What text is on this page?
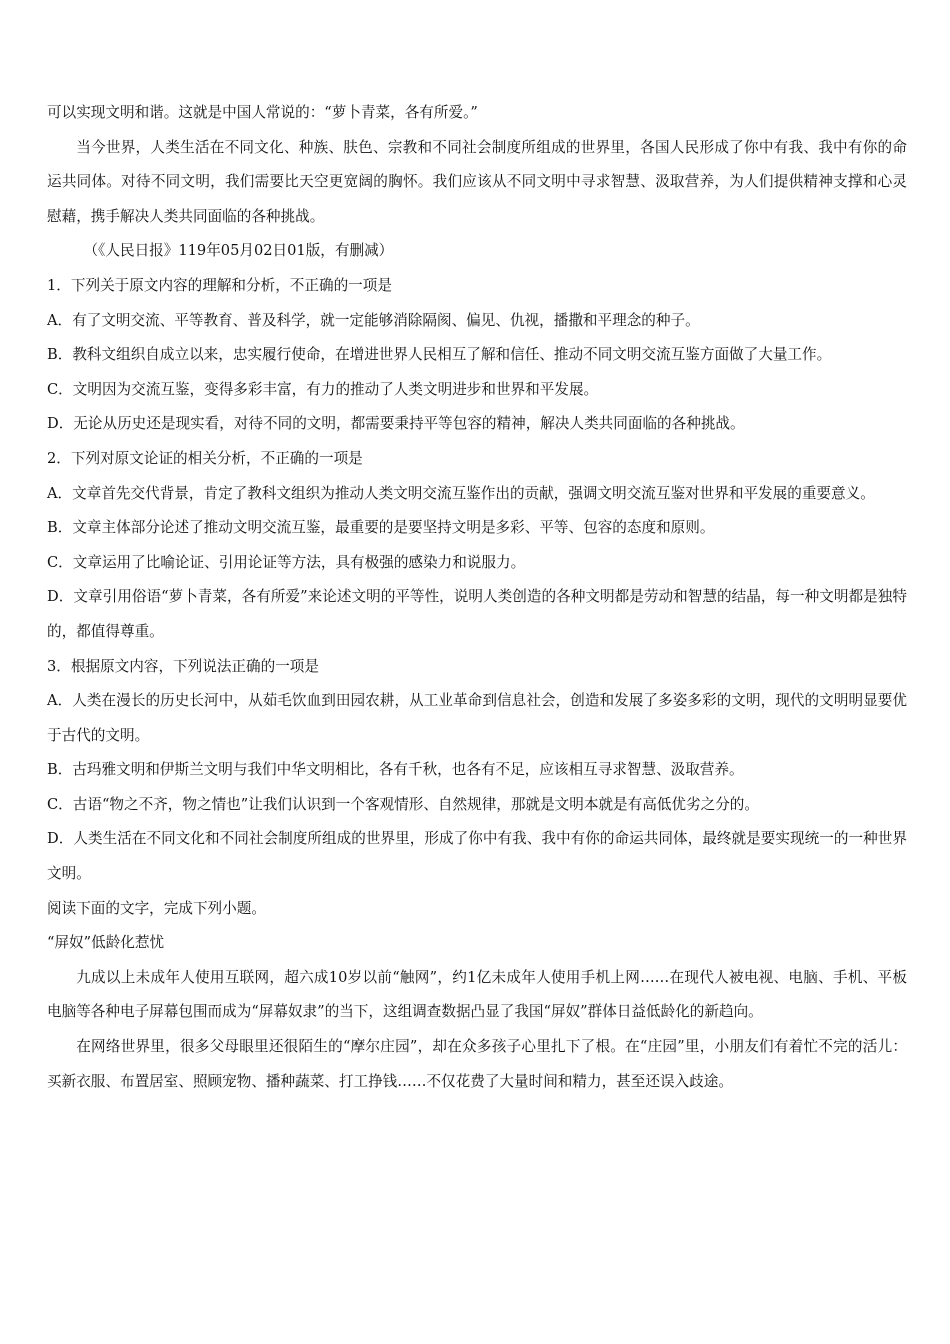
可以实现文明和谐。这就是中国人常说的：“萝卜青菜，各有所爱。”

当今世界，人类生活在不同文化、种族、肤色、宗教和不同社会制度所组成的世界里，各国人民形成了你中有我、我中有你的命运共同体。对待不同文明，我们需要比天空更宽阔的胸怀。我们应该从不同文明中寻求智慧、汲取营养，为人们提供精神支撑和心灵慰藉，携手解决人类共同面临的各种挑战。

（《人民日报》119年05月02日01版，有删减）

1．下列关于原文内容的理解和分析，不正确的一项是

A．有了文明交流、平等教育、普及科学，就一定能够消除隔阂、偏见、仇视，播撒和平理念的种子。

B．教科文组织自成立以来，忠实履行使命，在增进世界人民相互了解和信任、推动不同文明交流互鉴方面做了大量工作。

C．文明因为交流互鉴，变得多彩丰富，有力的推动了人类文明进步和世界和平发展。

D．无论从历史还是现实看，对待不同的文明，都需要秉持平等包容的精神，解决人类共同面临的各种挑战。

2．下列对原文论证的相关分析，不正确的一项是

A．文章首先交代背景，肯定了教科文组织为推动人类文明交流互鉴作出的贡献，强调文明交流互鉴对世界和平发展的重要意义。

B．文章主体部分论述了推动文明交流互鉴，最重要的是要坚持文明是多彩、平等、包容的态度和原则。

C．文章运用了比喻论证、引用论证等方法，具有极强的感染力和说服力。

D．文章引用俗语“萝卜青菜，各有所爱”来论述文明的平等性，说明人类创造的各种文明都是劳动和智慧的结晶，每一种文明都是独特的，都值得尊重。

3．根据原文内容，下列说法正确的一项是

A．人类在漫长的历史长河中，从茹毛饮血到田园农耕，从工业革命到信息社会，创造和发展了多姿多彩的文明，现代的文明明显要优于古代的文明。

B．古玛雅文明和伊斯兰文明与我们中华文明相比，各有千秋，也各有不足，应该相互寻求智慧、汲取营养。

C．古语“物之不齐，物之情也”让我们认识到一个客观情形、自然规律，那就是文明本就是有高低优劣之分的。

D．人类生活在不同文化和不同社会制度所组成的世界里，形成了你中有我、我中有你的命运共同体，最终就是要实现统一的一种世界文明。

阅读下面的文字，完成下列小题。

“屏奴”低龄化惹忧

九成以上未成年人使用互联网，超六成10岁以前“触网”，约1亿未成年人使用手机上网……在现代人被电视、电脑、手机、平板电脑等各种电子屏幕包围而成为“屏幕奴隶”的当下，这组调查数据凸显了我国“屏奴”群体日益低龄化的新趋向。

在网络世界里，很多父母眼里还很陌生的“摩尔庄园”，却在众多孩子心里扎下了根。在“庄园”里，小朋友们有着忙不完的活儿：买新衣服、布置居室、照顾宠物、播种蔬菜、打工挣钱……不仅花费了大量时间和精力，甚至还误入歧途。
